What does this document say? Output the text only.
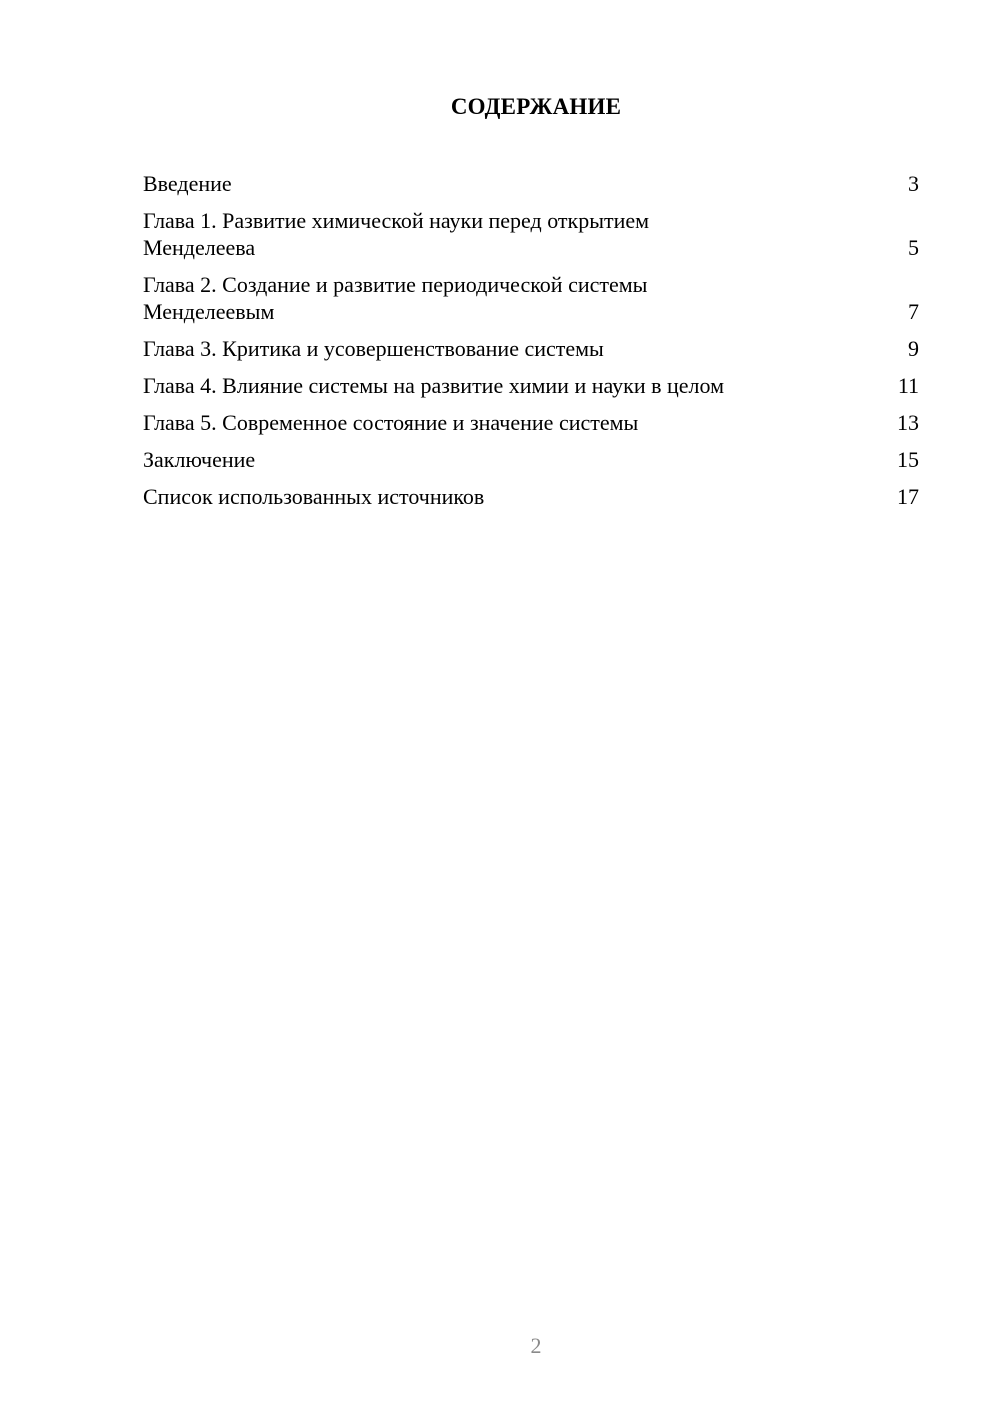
СОДЕРЖАНИЕ
Введение	3
Глава 1. Развитие химической науки перед открытием Менделеева	5
Глава 2. Создание и развитие периодической системы Менделеевым	7
Глава 3. Критика и усовершенствование системы	9
Глава 4. Влияние системы на развитие химии и науки в целом	11
Глава 5. Современное состояние и значение системы	13
Заключение	15
Список использованных источников	17
2
